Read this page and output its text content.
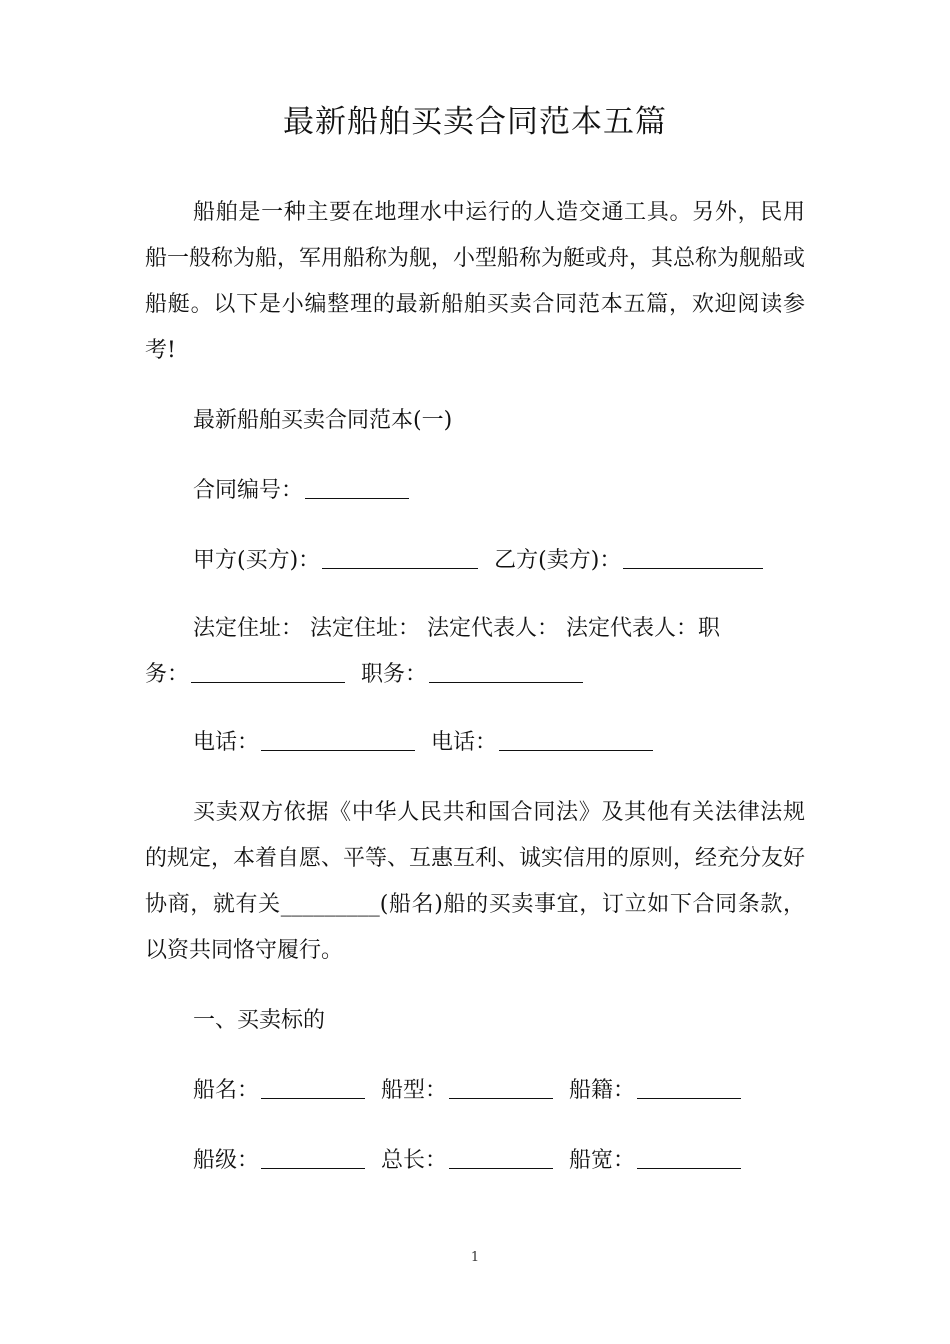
最新船舶买卖合同范本五篇

船舶是一种主要在地理水中运行的人造交通工具。另外，民用船一般称为船，军用船称为舰，小型船称为艇或舟，其总称为舰船或船艇。以下是小编整理的最新船舶买卖合同范本五篇，欢迎阅读参考!

最新船舶买卖合同范本(一)
合同编号：
甲方(买方)：	乙方(卖方)：
法定住址： 法定住址： 法定代表人： 法定代表人：职
务：	职务：
电话：	电话：

买卖双方依据《中华人民共和国合同法》及其他有关法律法规的规定，本着自愿、平等、互惠互利、诚实信用的原则，经充分友好协商，就有关_________(船名)船的买卖事宜，订立如下合同条款，以资共同恪守履行。

一、买卖标的
船名：	船型：	船籍：
船级：	总长：	船宽：
1
